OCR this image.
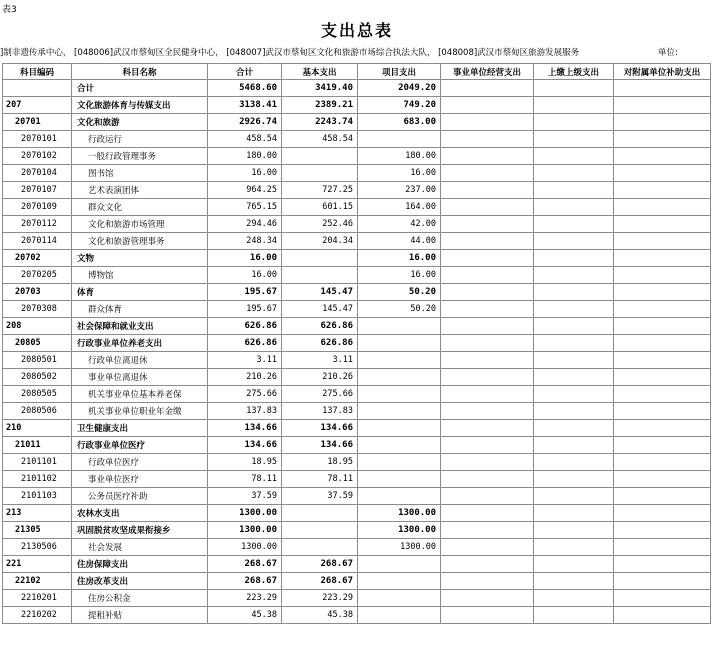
表3
支出总表
]制非遗传承中心， [048006]武汉市蔡甸区全民健身中心， [048007]武汉市蔡甸区文化和旅游市场综合执法大队， [048008]武汉市蔡甸区旅游发展服务	单位:
科目编码	科目名称	合计	基本支出	项目支出	事业单位经营支出	上缴上级支出	对附属单位补助支出
	合计	5468.60	3419.40	2049.20			
207	文化旅游体育与传媒支出	3138.41	2389.21	749.20			
20701	文化和旅游	2926.74	2243.74	683.00			
2070101	行政运行	458.54	458.54				
2070102	一般行政管理事务	180.00		180.00			
2070104	图书馆	16.00		16.00			
2070107	艺术表演团体	964.25	727.25	237.00			
2070109	群众文化	765.15	601.15	164.00			
2070112	文化和旅游市场管理	294.46	252.46	42.00			
2070114	文化和旅游管理事务	248.34	204.34	44.00			
20702	文物	16.00		16.00			
2070205	博物馆	16.00		16.00			
20703	体育	195.67	145.47	50.20			
2070308	群众体育	195.67	145.47	50.20			
208	社会保障和就业支出	626.86	626.86				
20805	行政事业单位养老支出	626.86	626.86				
2080501	行政单位离退休	3.11	3.11				
2080502	事业单位离退休	210.26	210.26				
2080505	机关事业单位基本养老保	275.66	275.66				
2080506	机关事业单位职业年金缴	137.83	137.83				
210	卫生健康支出	134.66	134.66				
21011	行政事业单位医疗	134.66	134.66				
2101101	行政单位医疗	18.95	18.95				
2101102	事业单位医疗	78.11	78.11				
2101103	公务员医疗补助	37.59	37.59				
213	农林水支出	1300.00		1300.00			
21305	巩固脱贫攻坚成果衔接乡	1300.00		1300.00			
2130506	社会发展	1300.00		1300.00			
221	住房保障支出	268.67	268.67				
22102	住房改革支出	268.67	268.67				
2210201	住房公积金	223.29	223.29				
2210202	提租补贴	45.38	45.38				
